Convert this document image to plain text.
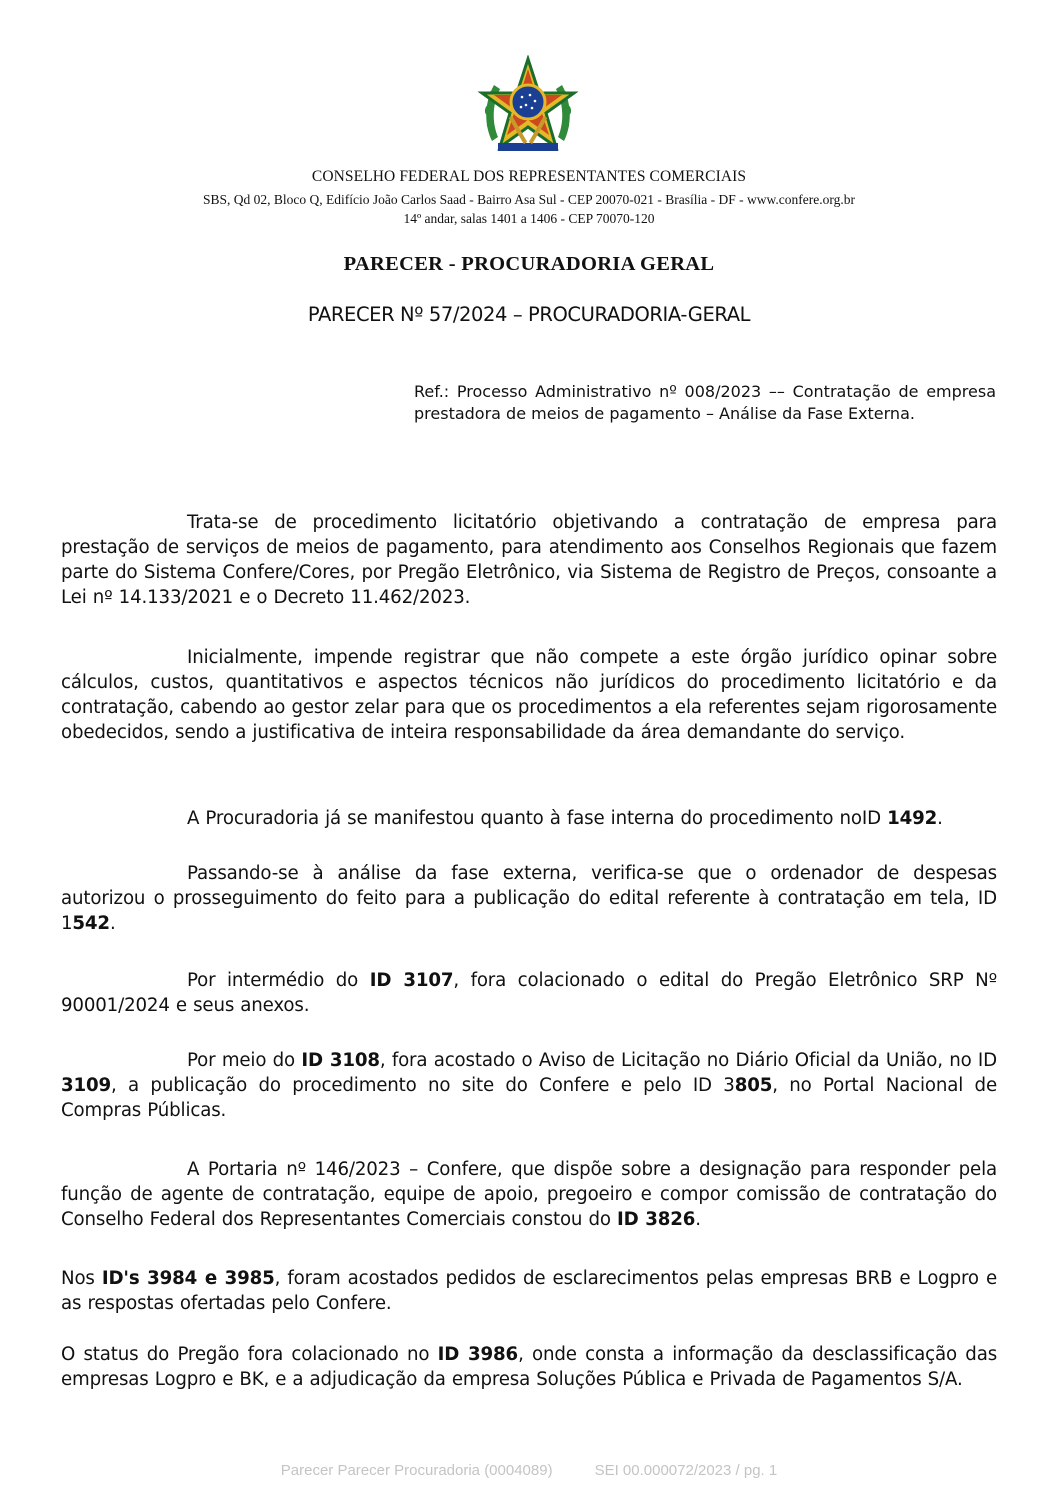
CONSELHO FEDERAL DOS REPRESENTANTES COMERCIAIS
SBS, Qd 02, Bloco Q, Edifício João Carlos Saad - Bairro Asa Sul - CEP 20070-021 - Brasília - DF - www.confere.org.br
14º andar, salas 1401 a 1406 - CEP 70070-120
PARECER - PROCURADORIA GERAL
PARECER Nº 57/2024 – PROCURADORIA-GERAL
Ref.: Processo Administrativo nº 008/2023 –– Contratação de empresa prestadora de meios de pagamento – Análise da Fase Externa.
Trata-se de procedimento licitatório objetivando a contratação de empresa para prestação de serviços de meios de pagamento, para atendimento aos Conselhos Regionais que fazem parte do Sistema Confere/Cores, por Pregão Eletrônico, via Sistema de Registro de Preços, consoante a Lei nº 14.133/2021 e o Decreto 11.462/2023.
Inicialmente, impende registrar que não compete a este órgão jurídico opinar sobre cálculos, custos, quantitativos e aspectos técnicos não jurídicos do procedimento licitatório e da contratação, cabendo ao gestor zelar para que os procedimentos a ela referentes sejam rigorosamente obedecidos, sendo a justificativa de inteira responsabilidade da área demandante do serviço.
A Procuradoria já se manifestou quanto à fase interna do procedimento noID 1492.
Passando-se à análise da fase externa, verifica-se que o ordenador de despesas autorizou o prosseguimento do feito para a publicação do edital referente à contratação em tela, ID 1542.
Por intermédio do ID 3107, fora colacionado o edital do Pregão Eletrônico SRP Nº 90001/2024 e seus anexos.
Por meio do ID 3108, fora acostado o Aviso de Licitação no Diário Oficial da União, no ID 3109, a publicação do procedimento no site do Confere e pelo ID 3805, no Portal Nacional de Compras Públicas.
A Portaria nº 146/2023 – Confere, que dispõe sobre a designação para responder pela função de agente de contratação, equipe de apoio, pregoeiro e compor comissão de contratação do Conselho Federal dos Representantes Comerciais constou do ID 3826.
Nos ID's 3984 e 3985, foram acostados pedidos de esclarecimentos pelas empresas BRB e Logpro e as respostas ofertadas pelo Confere.
O status do Pregão fora colacionado no ID 3986, onde consta a informação da desclassificação das empresas Logpro e BK, e a adjudicação da empresa Soluções Pública e Privada de Pagamentos S/A.
Parecer Parecer Procuradoria (0004089)	SEI 00.000072/2023 / pg. 1
